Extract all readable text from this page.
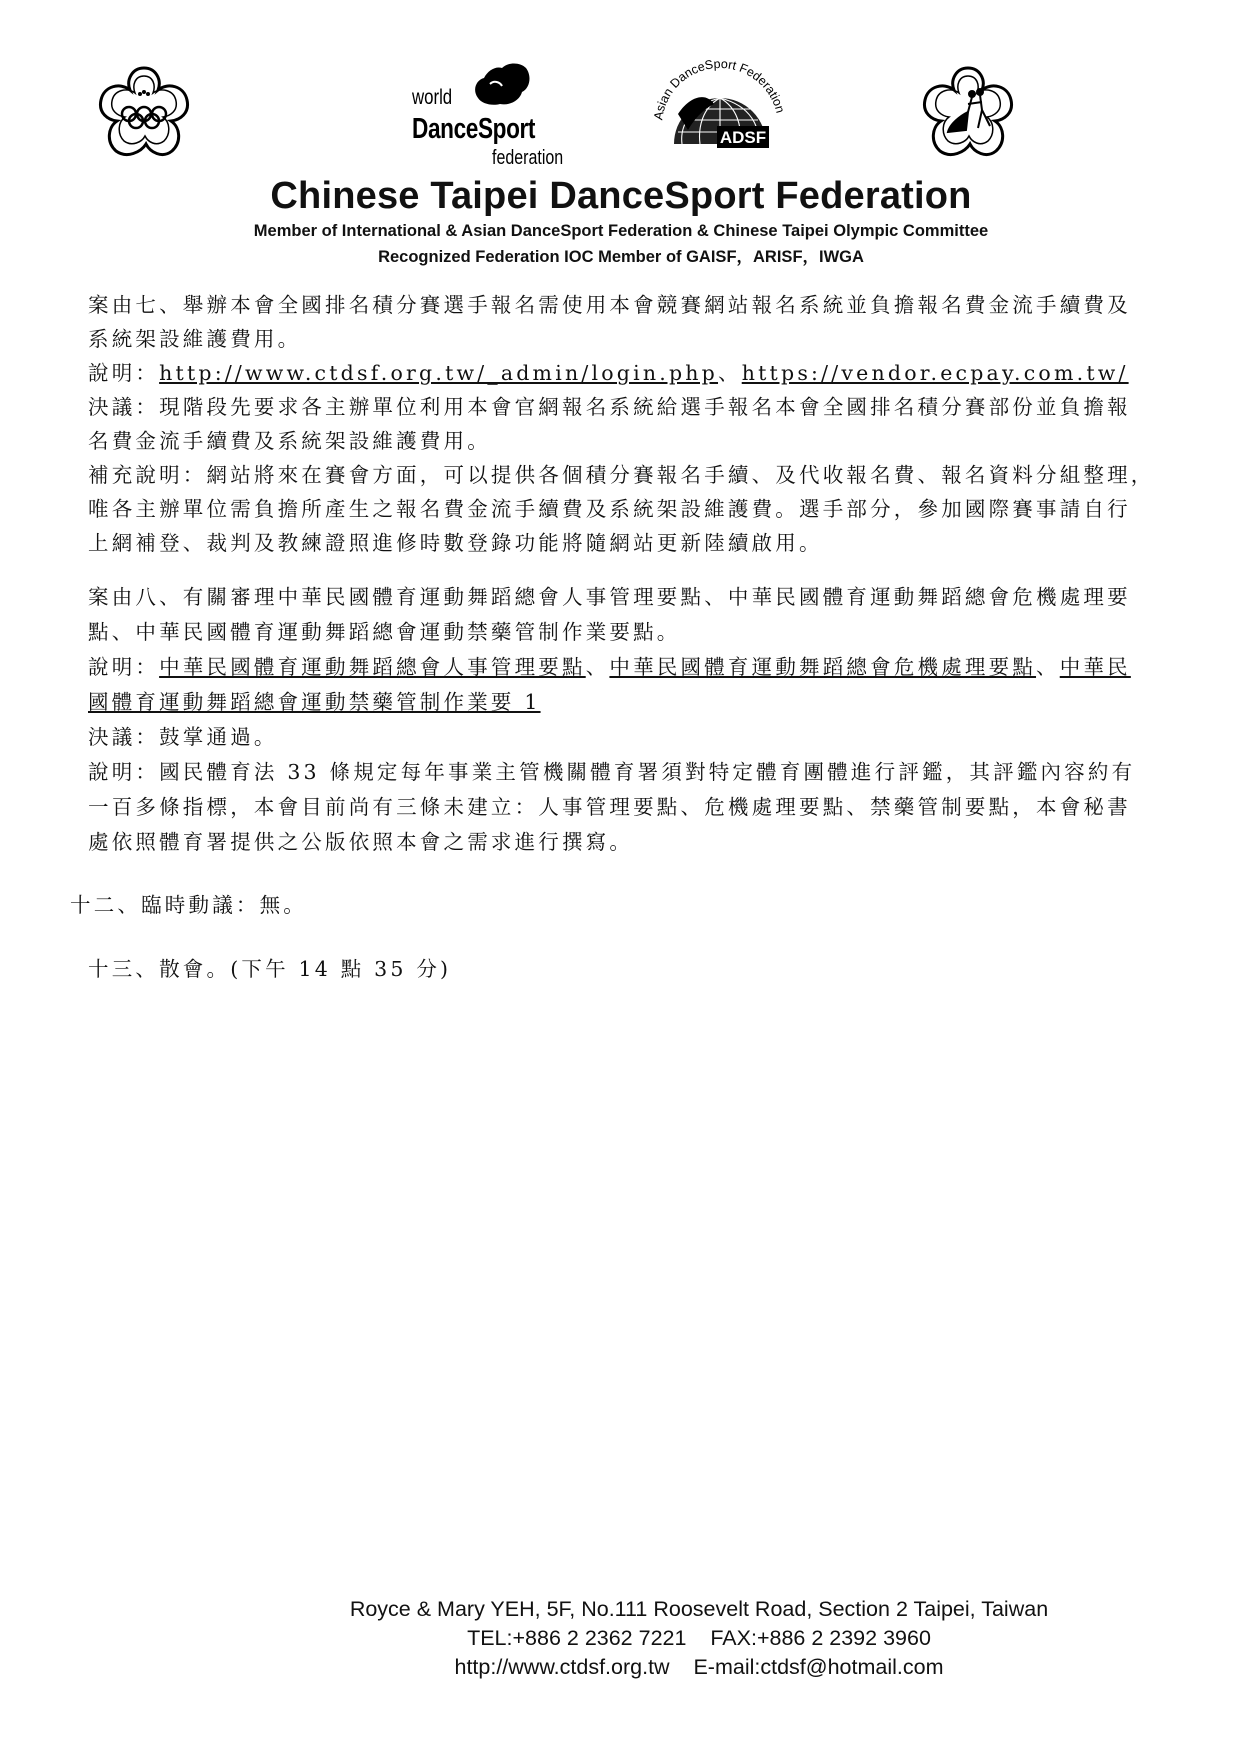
world
DanceSport
federation
Asian DanceSport Federation
ADSF
Chinese Taipei DanceSport Federation
Member of International & Asian DanceSport Federation & Chinese Taipei Olympic Committee
Recognized Federation IOC Member of GAISF，ARISF，IWGA

案由七、舉辦本會全國排名積分賽選手報名需使用本會競賽網站報名系統並負擔報名費金流手續費及

系統架設維護費用。

說明：http://www.ctdsf.org.tw/_admin/login.php、https://vendor.ecpay.com.tw/

決議：現階段先要求各主辦單位利用本會官網報名系統給選手報名本會全國排名積分賽部份並負擔報

名費金流手續費及系統架設維護費用。

補充說明：網站將來在賽會方面，可以提供各個積分賽報名手續、及代收報名費、報名資料分組整理，

唯各主辦單位需負擔所產生之報名費金流手續費及系統架設維護費。選手部分，參加國際賽事請自行

上網補登、裁判及教練證照進修時數登錄功能將隨網站更新陸續啟用。

案由八、有關審理中華民國體育運動舞蹈總會人事管理要點、中華民國體育運動舞蹈總會危機處理要

點、中華民國體育運動舞蹈總會運動禁藥管制作業要點。

說明：中華民國體育運動舞蹈總會人事管理要點、中華民國體育運動舞蹈總會危機處理要點、中華民

國體育運動舞蹈總會運動禁藥管制作業要 1

決議：鼓掌通過。

說明：國民體育法 33 條規定每年事業主管機關體育署須對特定體育團體進行評鑑，其評鑑內容約有

一百多條指標，本會目前尚有三條未建立：人事管理要點、危機處理要點、禁藥管制要點，本會秘書

處依照體育署提供之公版依照本會之需求進行撰寫。

十二、臨時動議：無。

十三、散會。(下午 14 點 35 分)

Royce & Mary YEH, 5F, No.111 Roosevelt Road, Section 2 Taipei, Taiwan
TEL:+886 2 2362 7221    FAX:+886 2 2392 3960
http://www.ctdsf.org.tw    E-mail:ctdsf@hotmail.com
